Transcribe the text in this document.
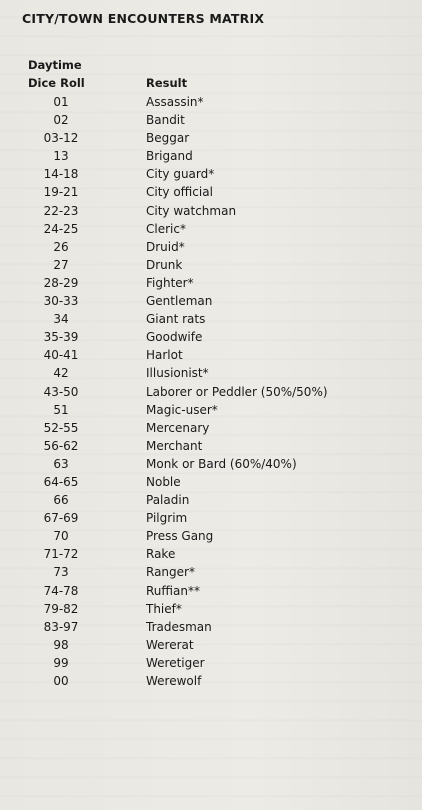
CITY/TOWN ENCOUNTERS MATRIX
Daytime
Dice Roll	Result
01	Assassin*
02	Bandit
03-12	Beggar
13	Brigand
14-18	City guard*
19-21	City official
22-23	City watchman
24-25	Cleric*
26	Druid*
27	Drunk
28-29	Fighter*
30-33	Gentleman
34	Giant rats
35-39	Goodwife
40-41	Harlot
42	Illusionist*
43-50	Laborer or Peddler (50%/50%)
51	Magic-user*
52-55	Mercenary
56-62	Merchant
63	Monk or Bard (60%/40%)
64-65	Noble
66	Paladin
67-69	Pilgrim
70	Press Gang
71-72	Rake
73	Ranger*
74-78	Ruffian**
79-82	Thief*
83-97	Tradesman
98	Wererat
99	Weretiger
00	Werewolf
